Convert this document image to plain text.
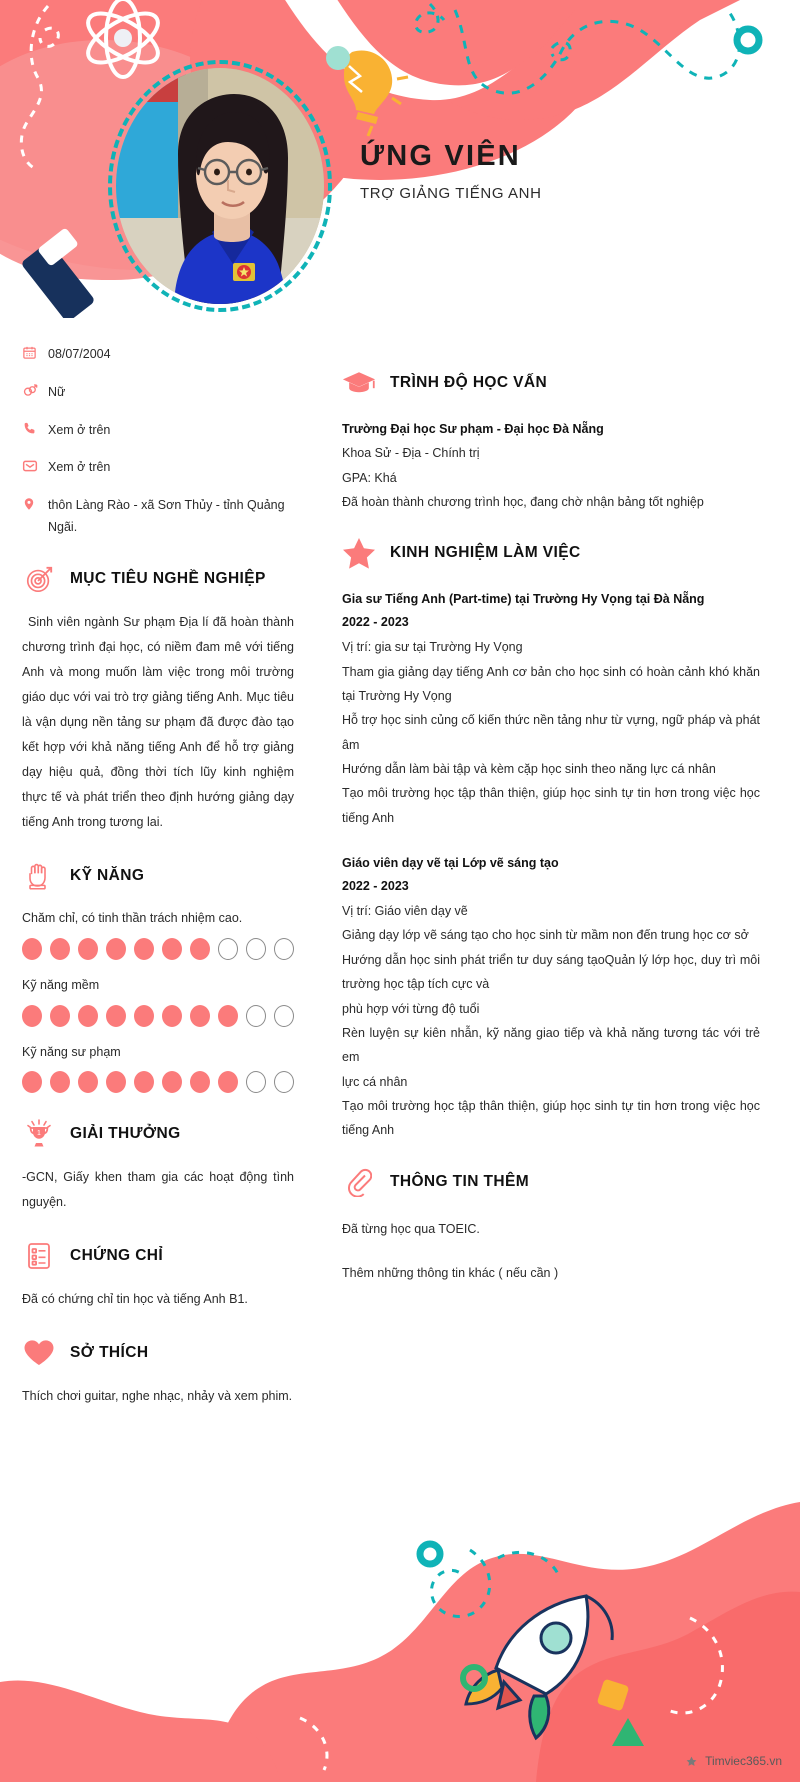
ỨNG VIÊN
TRỢ GIẢNG TIẾNG ANH
08/07/2004
Nữ
Xem ở trên
Xem ở trên
thôn Làng Rào - xã Sơn Thủy - tỉnh Quảng Ngãi.
MỤC TIÊU NGHỀ NGHIỆP
Sinh viên ngành Sư phạm Địa lí đã hoàn thành chương trình đại học, có niềm đam mê với tiếng Anh và mong muốn làm việc trong môi trường giáo dục với vai trò trợ giảng tiếng Anh. Mục tiêu là vận dụng nền tảng sư phạm đã được đào tạo kết hợp với khả năng tiếng Anh để hỗ trợ giảng dạy hiệu quả, đồng thời tích lũy kinh nghiệm thực tế và phát triển theo định hướng giảng dạy tiếng Anh trong tương lai.
KỸ NĂNG
Chăm chỉ, có tinh thần trách nhiệm cao.
Kỹ năng mềm
Kỹ năng sư phạm
1 GIẢI THƯỞNG
-GCN, Giấy khen tham gia các hoạt động tình nguyện.
CHỨNG CHỈ
Đã có chứng chỉ tin học và tiếng Anh B1.
SỞ THÍCH
Thích chơi guitar, nghe nhạc, nhảy và xem phim.
TRÌNH ĐỘ HỌC VẤN
Trường Đại học Sư phạm - Đại học Đà Nẵng
Khoa Sử - Địa - Chính trị
GPA: Khá
Đã hoàn thành chương trình học, đang chờ nhận bảng tốt nghiệp
KINH NGHIỆM LÀM VIỆC
Gia sư Tiếng Anh (Part-time) tại Trường Hy Vọng tại Đà Nẵng
2022 - 2023
Vị trí: gia sư tại Trường Hy Vọng
Tham gia giảng dạy tiếng Anh cơ bản cho học sinh có hoàn cảnh khó khăn tại Trường Hy Vọng
Hỗ trợ học sinh củng cố kiến thức nền tảng như từ vựng, ngữ pháp và phát âm
Hướng dẫn làm bài tập và kèm cặp học sinh theo năng lực cá nhân
Tạo môi trường học tập thân thiện, giúp học sinh tự tin hơn trong việc học tiếng Anh
Giáo viên dạy vẽ tại Lớp vẽ sáng tạo
2022 - 2023
Vị trí: Giáo viên dạy vẽ
Giảng dạy lớp vẽ sáng tạo cho học sinh từ mầm non đến trung học cơ sở
Hướng dẫn học sinh phát triển tư duy sáng tạoQuản lý lớp học, duy trì môi trường học tập tích cực và
phù hợp với từng độ tuổi
Rèn luyện sự kiên nhẫn, kỹ năng giao tiếp và khả năng tương tác với trẻ em
lực cá nhân
Tạo môi trường học tập thân thiện, giúp học sinh tự tin hơn trong việc học tiếng Anh
THÔNG TIN THÊM
Đã từng học qua TOEIC.
Thêm những thông tin khác ( nếu cần )
Timviec365.vn
